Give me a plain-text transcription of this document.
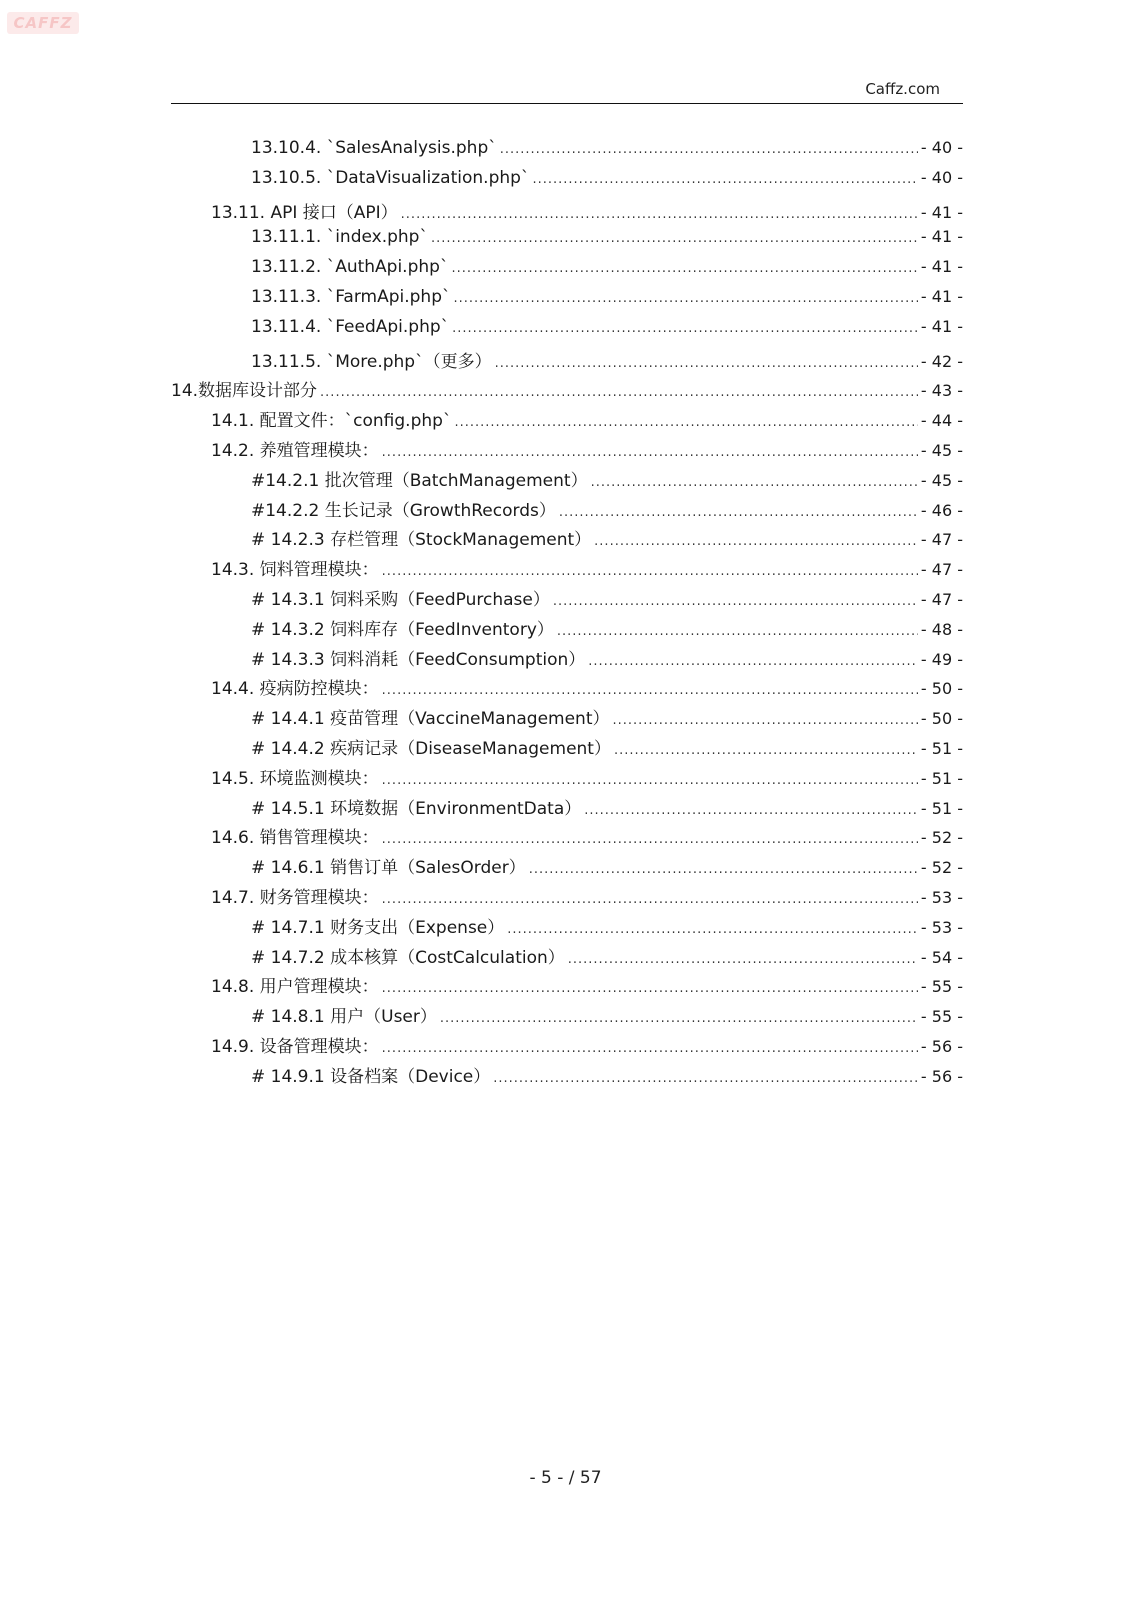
CAFFZ
Caffz.com
13.10.4. `SalesAnalysis.php` .....	- 40 -
13.10.5. `DataVisualization.php` .....	- 40 -
13.11. API 接口（API） .....	- 41 -
13.11.1. `index.php` .....	- 41 -
13.11.2. `AuthApi.php` .....	- 41 -
13.11.3. `FarmApi.php` .....	- 41 -
13.11.4. `FeedApi.php` .....	- 41 -
13.11.5. `More.php`（更多） .....	- 42 -
14.数据库设计部分 .....	- 43 -
14.1. 配置文件：`config.php` .....	- 44 -
14.2. 养殖管理模块： .....	- 45 -
#14.2.1 批次管理（BatchManagement） .....	- 45 -
#14.2.2 生长记录（GrowthRecords） .....	- 46 -
# 14.2.3 存栏管理（StockManagement） .....	- 47 -
14.3. 饲料管理模块： .....	- 47 -
# 14.3.1 饲料采购（FeedPurchase） .....	- 47 -
# 14.3.2 饲料库存（FeedInventory） .....	- 48 -
# 14.3.3 饲料消耗（FeedConsumption） .....	- 49 -
14.4. 疫病防控模块： .....	- 50 -
# 14.4.1 疫苗管理（VaccineManagement） .....	- 50 -
# 14.4.2 疾病记录（DiseaseManagement） .....	- 51 -
14.5. 环境监测模块： .....	- 51 -
# 14.5.1 环境数据（EnvironmentData） .....	- 51 -
14.6. 销售管理模块： .....	- 52 -
# 14.6.1 销售订单（SalesOrder） .....	- 52 -
14.7. 财务管理模块： .....	- 53 -
# 14.7.1 财务支出（Expense） .....	- 53 -
# 14.7.2 成本核算（CostCalculation） .....	- 54 -
14.8. 用户管理模块： .....	- 55 -
# 14.8.1 用户（User） .....	- 55 -
14.9. 设备管理模块： .....	- 56 -
# 14.9.1 设备档案（Device） .....	- 56 -
- 5 - / 57
